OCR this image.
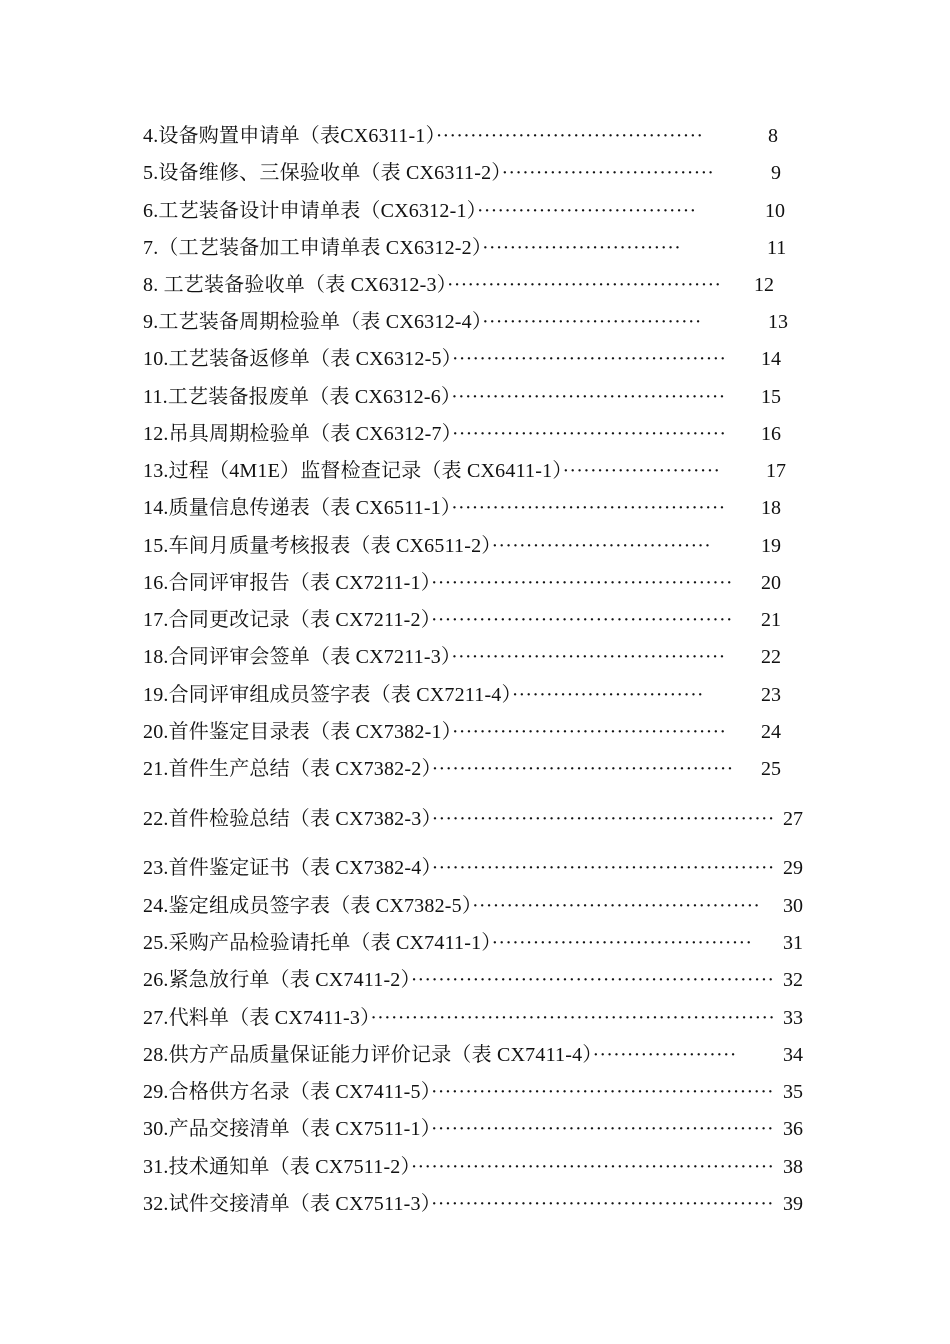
4.设备购置申请单（表CX6311-1）·······································	8
5.设备维修、三保验收单（表 CX6311-2）·······························	9
6.工艺装备设计申请单表（CX6312-1）································	10
7.（工艺装备加工申请单表 CX6312-2）·····························	11
8. 工艺装备验收单（表 CX6312-3）········································ 12
9.工艺装备周期检验单（表 CX6312-4）································	13
10.工艺装备返修单（表 CX6312-5）········································ 14
11.工艺装备报废单（表 CX6312-6）········································ 15
12.吊具周期检验单（表 CX6312-7）········································ 16
13.过程（4M1E）监督检查记录（表 CX6411-1）······················· 17
14.质量信息传递表（表 CX6511-1）········································ 18
15.车间月质量考核报表（表 CX6511-2）································ 19
16.合同评审报告（表 CX7211-1）············································ 20
17.合同更改记录（表 CX7211-2）············································ 21
18.合同评审会签单（表 CX7211-3）········································ 22
19.合同评审组成员签字表（表 CX7211-4）····························	23
20.首件鉴定目录表（表 CX7382-1）········································ 24
21.首件生产总结（表 CX7382-2）············································ 25
22.首件检验总结（表 CX7382-3）·················································· 27
23.首件鉴定证书（表 CX7382-4）·················································· 29
24.鉴定组成员签字表（表 CX7382-5）·········································· 30
25.采购产品检验请托单（表 CX7411-1）······································ 31
26.紧急放行单（表 CX7411-2）····················································· 32
27.代料单（表 CX7411-3）··························································· 33
28.供方产品质量保证能力评价记录（表 CX7411-4）····················· 34
29.合格供方名录（表 CX7411-5）·················································· 35
30.产品交接清单（表 CX7511-1）·················································· 36
31.技术通知单（表 CX7511-2）····················································· 38
32.试件交接清单（表 CX7511-3）·················································· 39
